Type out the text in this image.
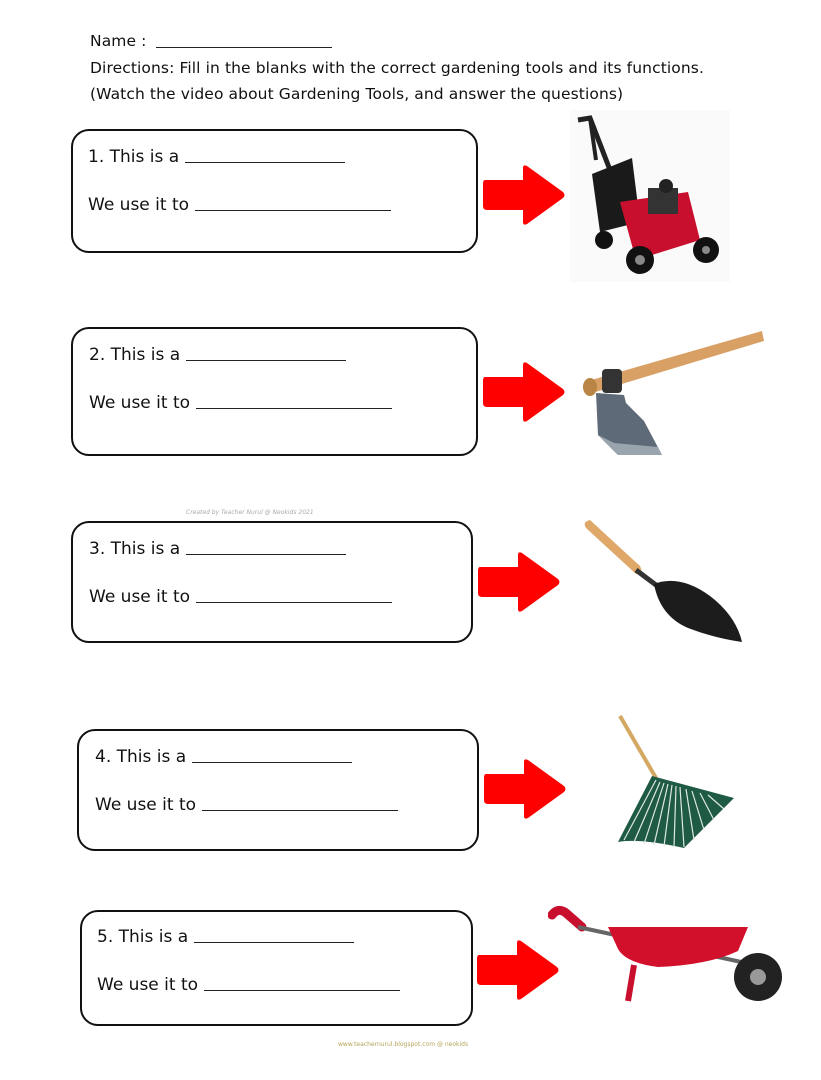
Name :
Directions: Fill in the blanks with the correct gardening tools and its functions.
(Watch the video about Gardening Tools, and answer the questions)
1. This is a
We use it to
2. This is a
We use it to
Created by Teacher Nurul @ Neokids 2021
3. This is a
We use it to
4. This is a
We use it to
5. This is a
We use it to
www.teachernurul.blogspot.com @ neokids
